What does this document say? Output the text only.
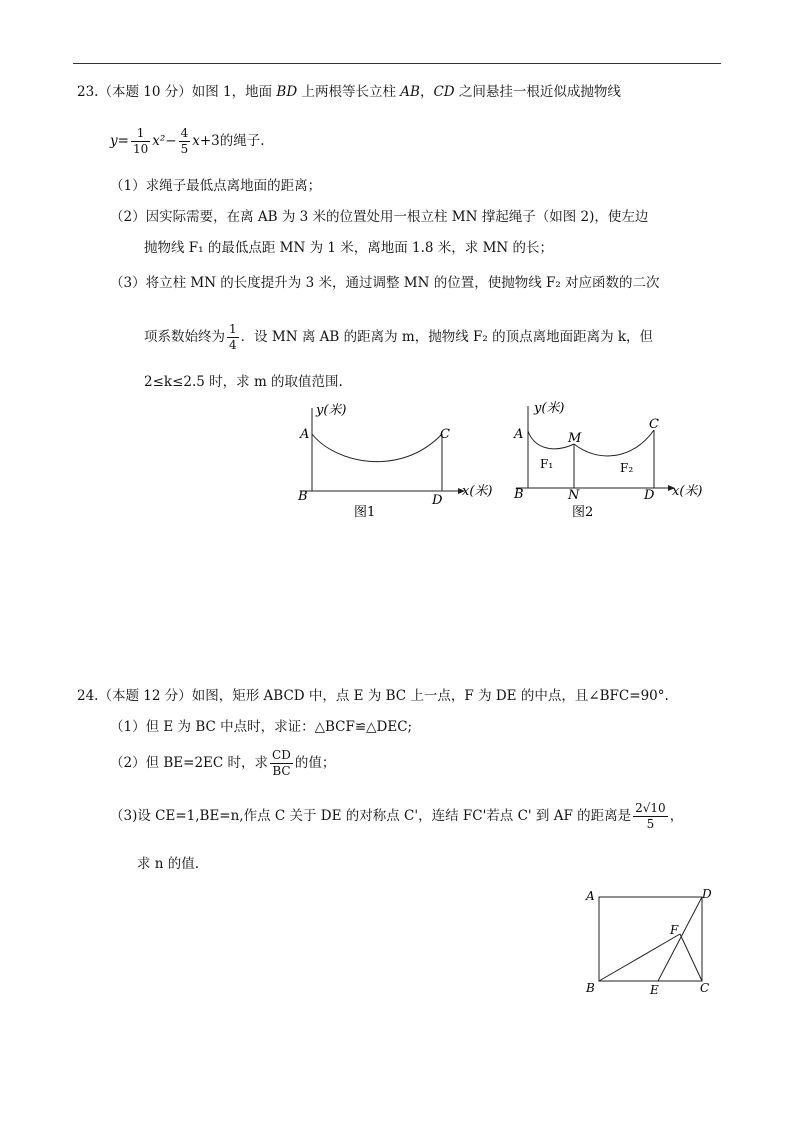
23.（本题 10 分）如图 1，地面 BD 上两根等长立柱 AB，CD 之间悬挂一根近似成抛物线
$y= \frac{1}{10} x^2- \frac{4}{5} x+3$的绳子.
（1）求绳子最低点离地面的距离；
（2）因实际需要，在离 AB 为 3 米的位置处用一根立柱 MN 撑起绳子（如图 2)，使左边
抛物线 F₁ 的最低点距 MN 为 1 米，离地面 1.8 米，求 MN 的长；
（3）将立柱 MN 的长度提升为 3 米，通过调整 MN 的位置，使抛物线 F₂ 对应函数的二次
项系数始终为 $\frac{1}{4}$ ．设 MN 离 AB 的距离为 m，抛物线 F₂ 的顶点离地面距离为 k，但
2≤k≤2.5 时，求 m 的取值范围.
y(米)
A
B
C
D
x(米)
图1
y(米)
A	M
C
F₁	F₂
B	N	D x(米)
图2
24.（本题 12 分）如图，矩形 ABCD 中，点 E 为 BC 上一点，F 为 DE 的中点，且∠BFC=90°.
（1）但 E 为 BC 中点时，求证：△BCF≌△DEC;
（2）但 BE=2EC 时，求 $\frac{CD}{BC}$ 的值；
（3)设 CE=1,BE=n,作点 C 关于 DE 的对称点 C'，连结 FC'若点 C' 到 AF 的距离是 $\frac{2√10}{5}$ ，
求 n 的值.
A	D
F
B	E	C
